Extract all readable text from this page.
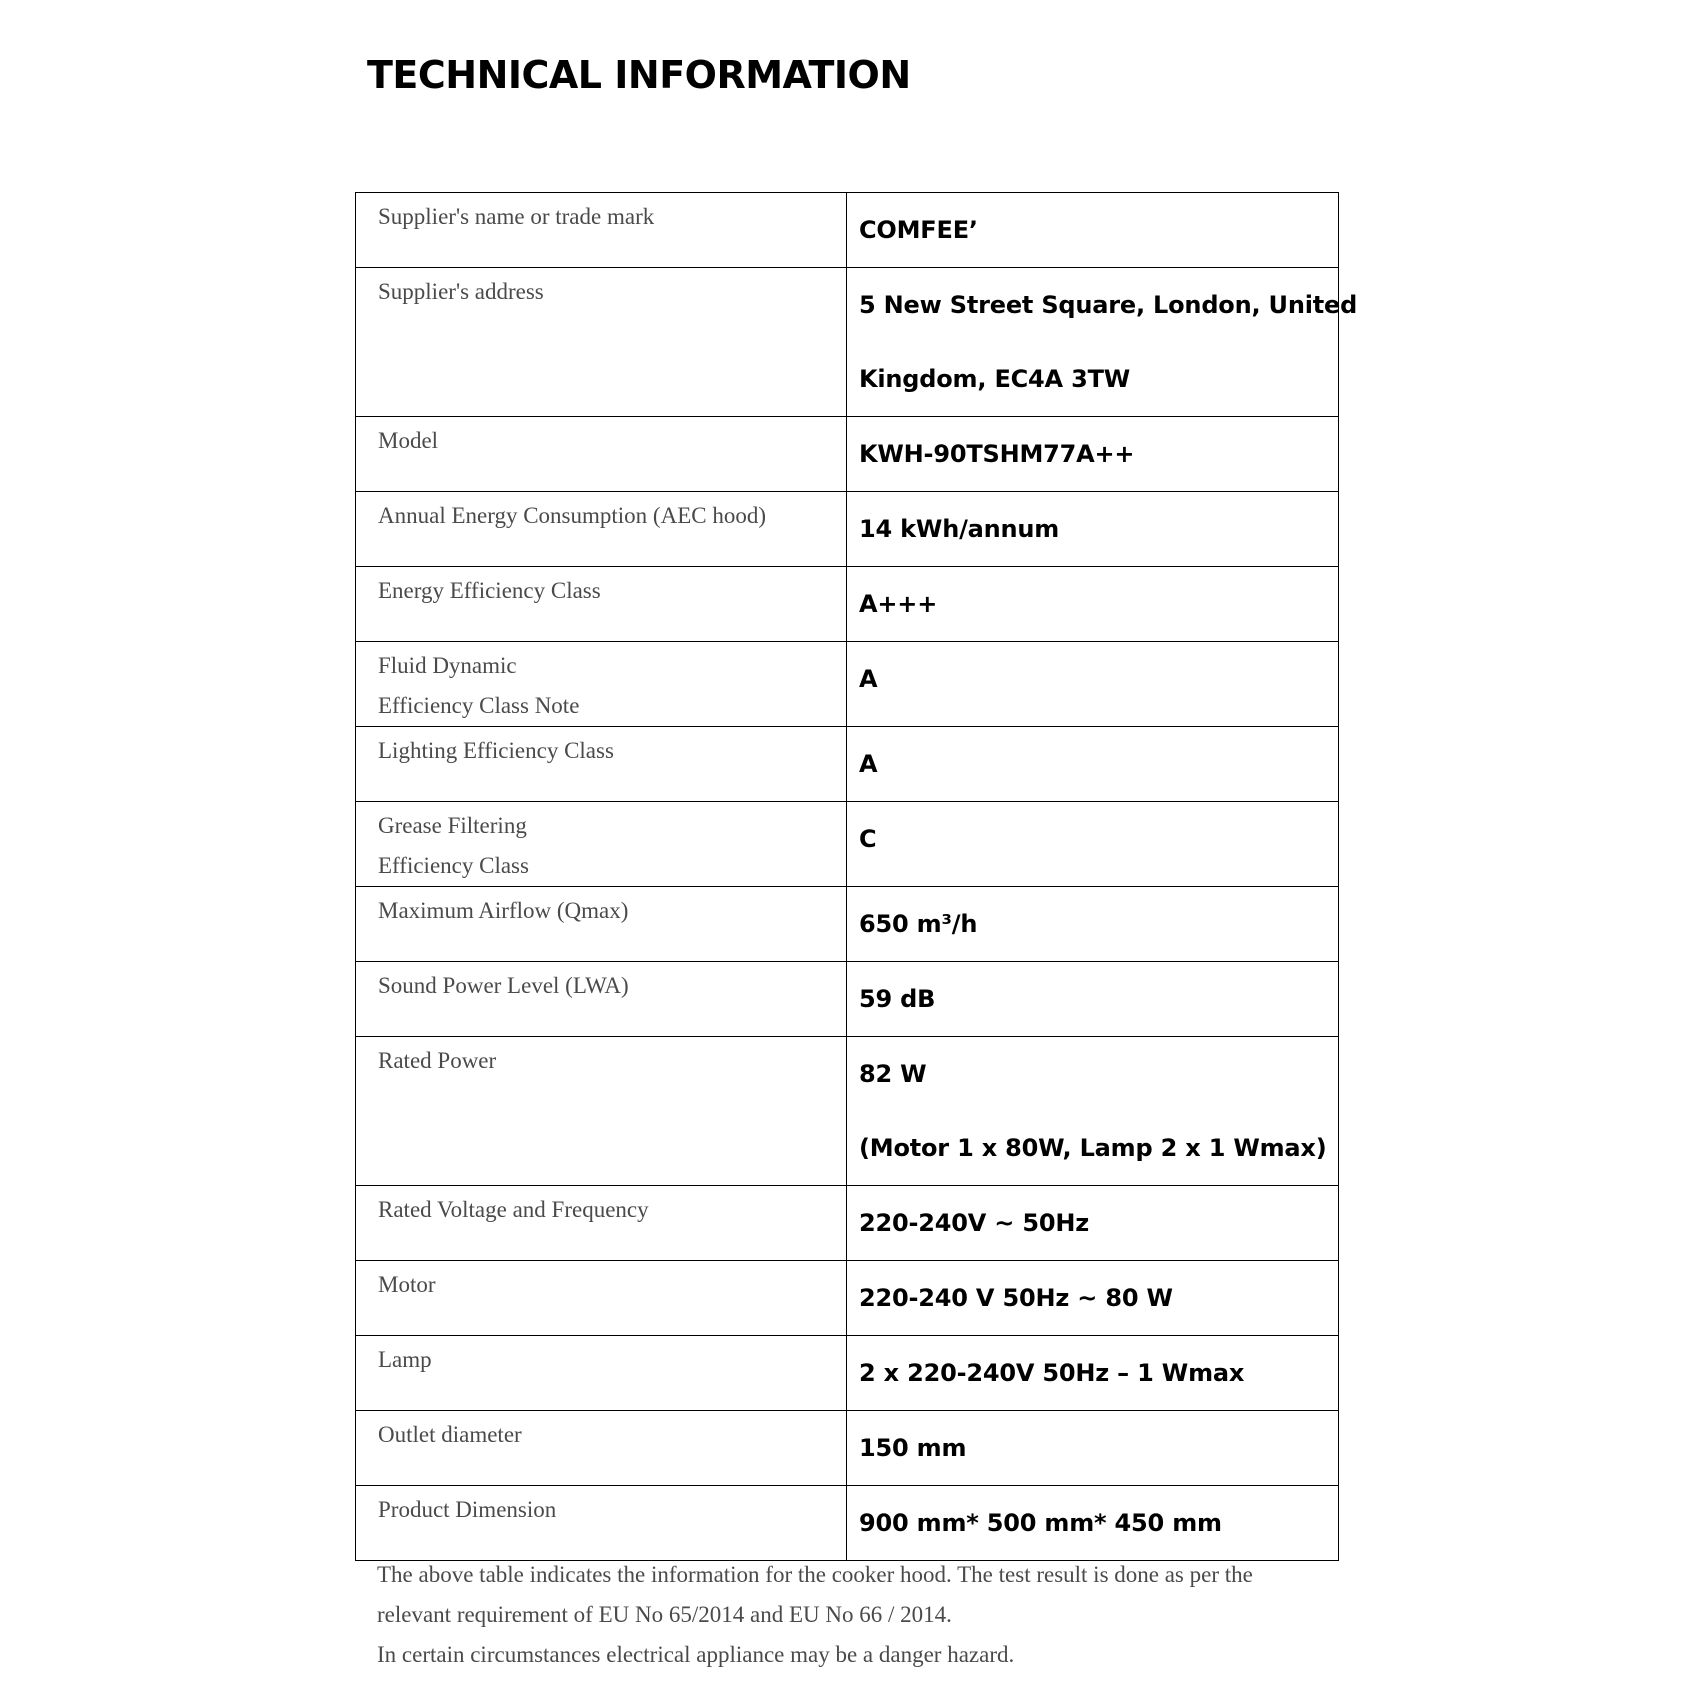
TECHNICAL INFORMATION
Supplier's name or trade mark	COMFEE’

Supplier's address	5 New Street Square, London, United
Kingdom, EC4A 3TW

Model	KWH-90TSHM77A++

Annual Energy Consumption (AEC hood)	14 kWh/annum

Energy Efficiency Class	A+++

Fluid Dynamic
Efficiency Class Note	A

Lighting Efficiency Class	A

Grease Filtering
Efficiency Class	C

Maximum Airflow (Qmax)	650 m³/h

Sound Power Level (LWA)	59 dB

Rated Power	82 W
(Motor 1 x 80W, Lamp 2 x 1 Wmax)

Rated Voltage and Frequency	220-240V ~ 50Hz

Motor	220-240 V 50Hz ~ 80 W

Lamp	2 x 220-240V 50Hz – 1 Wmax

Outlet diameter	150 mm

Product Dimension	900 mm* 500 mm* 450 mm

The above table indicates the information for the cooker hood. The test result is done as per the

relevant requirement of EU No 65/2014 and EU No 66 / 2014.

In certain circumstances electrical appliance may be a danger hazard.
